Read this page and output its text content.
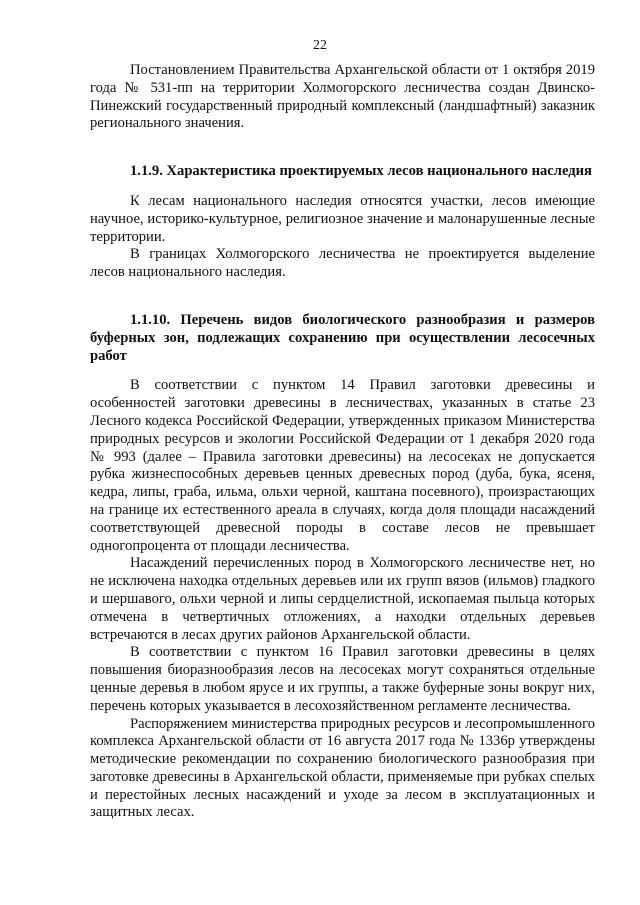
22

Постановлением Правительства Архангельской области от 1 октября 2019 года № 531-пп на территории Холмогорского лесничества создан Двинско-Пинежский государственный природный комплексный (ландшафтный) заказник регионального значения.

1.1.9. Характеристика проектируемых лесов национального наследия

К лесам национального наследия относятся участки, лесов имеющие научное, историко-культурное, религиозное значение и малонарушенные лесные территории.

В границах Холмогорского лесничества не проектируется выделение лесов национального наследия.

1.1.10. Перечень видов биологического разнообразия и размеров буферных зон, подлежащих сохранению при осуществлении лесосечных работ

В соответствии с пунктом 14 Правил заготовки древесины и особенностей заготовки древесины в лесничествах, указанных в статье 23 Лесного кодекса Российской Федерации, утвержденных приказом Министерства природных ресурсов и экологии Российской Федерации от 1 декабря 2020 года № 993 (далее – Правила заготовки древесины) на лесосеках не допускается рубка жизнеспособных деревьев ценных древесных пород (дуба, бука, ясеня, кедра, липы, граба, ильма, ольхи черной, каштана посевного), произрастающих на границе их естественного ареала в случаях, когда доля площади насаждений соответствующей древесной породы в составе лесов не превышает одногопроцента от площади лесничества.

Насаждений перечисленных пород в Холмогорского лесничестве нет, но не исключена находка отдельных деревьев или их групп вязов (ильмов) гладкого и шершавого, ольхи черной и липы сердцелистной, ископаемая пыльца которых отмечена в четвертичных отложениях, а находки отдельных деревьев встречаются в лесах других районов Архангельской области.

В соответствии с пунктом 16 Правил заготовки древесины в целях повышения биоразнообразия лесов на лесосеках могут сохраняться отдельные ценные деревья в любом ярусе и их группы, а также буферные зоны вокруг них, перечень которых указывается в лесохозяйственном регламенте лесничества.

Распоряжением министерства природных ресурсов и лесопромышленного комплекса Архангельской области от 16 августа 2017 года № 1336р утверждены методические рекомендации по сохранению биологического разнообразия при заготовке древесины в Архангельской области, применяемые при рубках спелых и перестойных лесных насаждений и уходе за лесом в эксплуатационных и защитных лесах.
